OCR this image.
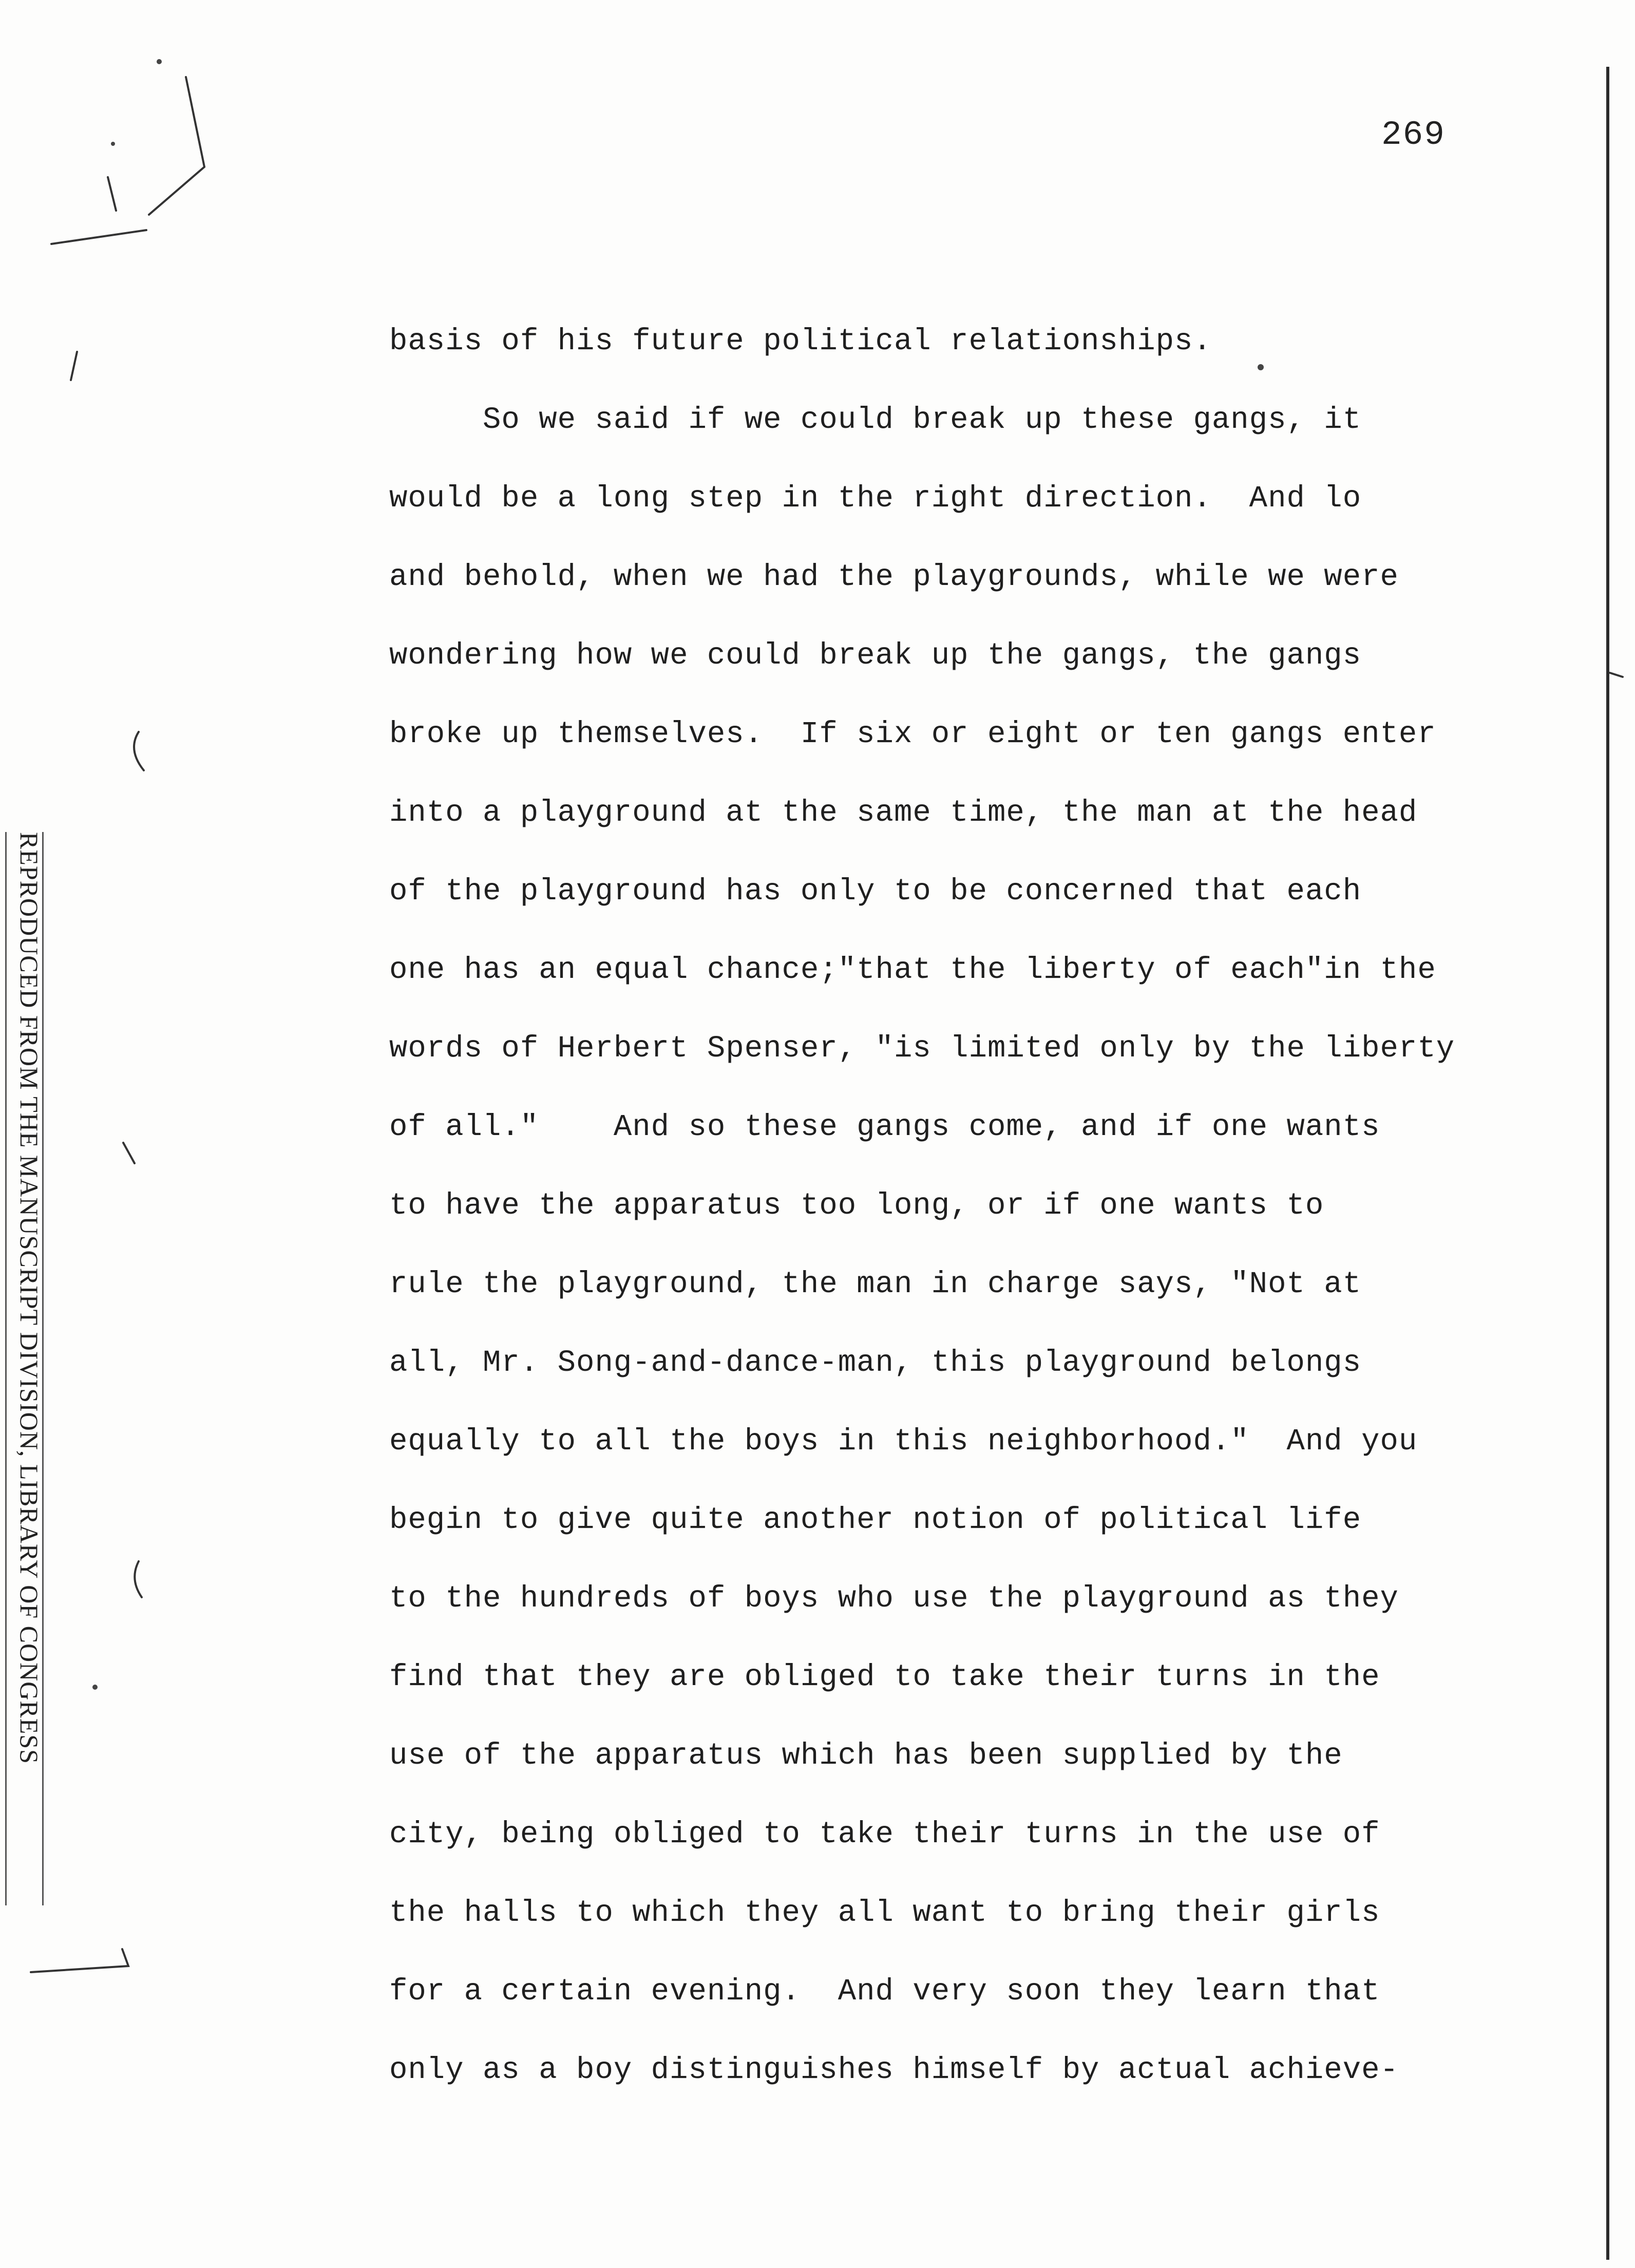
269
REPRODUCED FROM THE MANUSCRIPT DIVISION, LIBRARY OF CONGRESS
basis of his future political relationships.
So we said if we could break up these gangs, it
would be a long step in the right direction.  And lo
and behold, when we had the playgrounds, while we were
wondering how we could break up the gangs, the gangs
broke up themselves.  If six or eight or ten gangs enter
into a playground at the same time, the man at the head
of the playground has only to be concerned that each
one has an equal chance;"that the liberty of each"in the
words of Herbert Spenser, "is limited only by the liberty
of all."    And so these gangs come, and if one wants
to have the apparatus too long, or if one wants to
rule the playground, the man in charge says, "Not at
all, Mr. Song-and-dance-man, this playground belongs
equally to all the boys in this neighborhood."  And you
begin to give quite another notion of political life
to the hundreds of boys who use the playground as they
find that they are obliged to take their turns in the
use of the apparatus which has been supplied by the
city, being obliged to take their turns in the use of
the halls to which they all want to bring their girls
for a certain evening.  And very soon they learn that
only as a boy distinguishes himself by actual achieve-
